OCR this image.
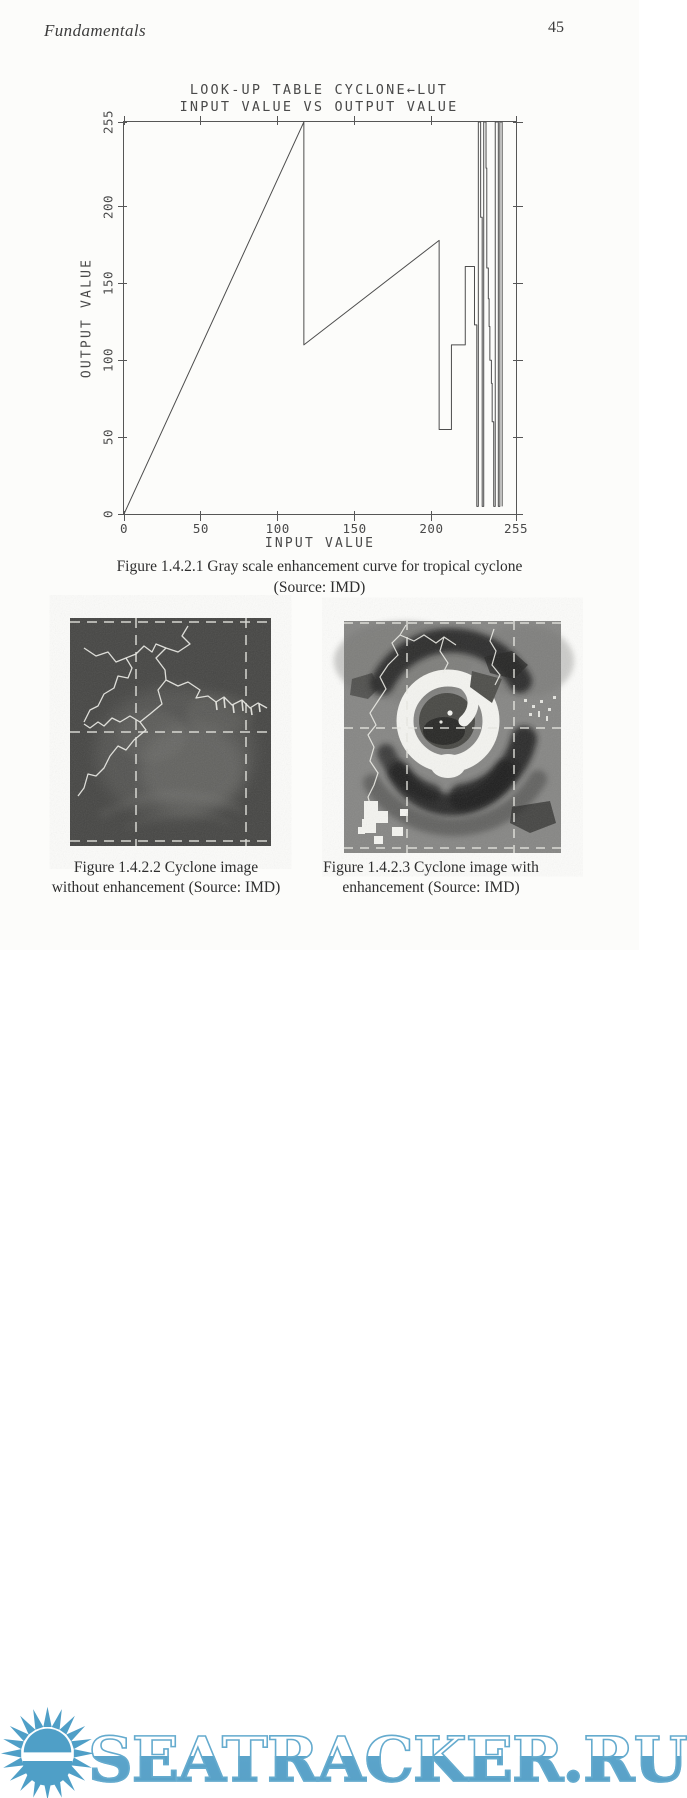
Fundamentals	45
LOOK-UP TABLE CYCLONE←LUT
INPUT VALUE VS OUTPUT VALUE
INPUT VALUE
OUTPUT VALUE
0	50	100	150	200	255
0
50
100
150
200
255
Figure 1.4.2.1 Gray scale enhancement curve for tropical cyclone
(Source: IMD)
Figure 1.4.2.2 Cyclone image
without enhancement (Source: IMD)
Figure 1.4.2.3 Cyclone image with
enhancement (Source: IMD)
SEATRACKER.RU
